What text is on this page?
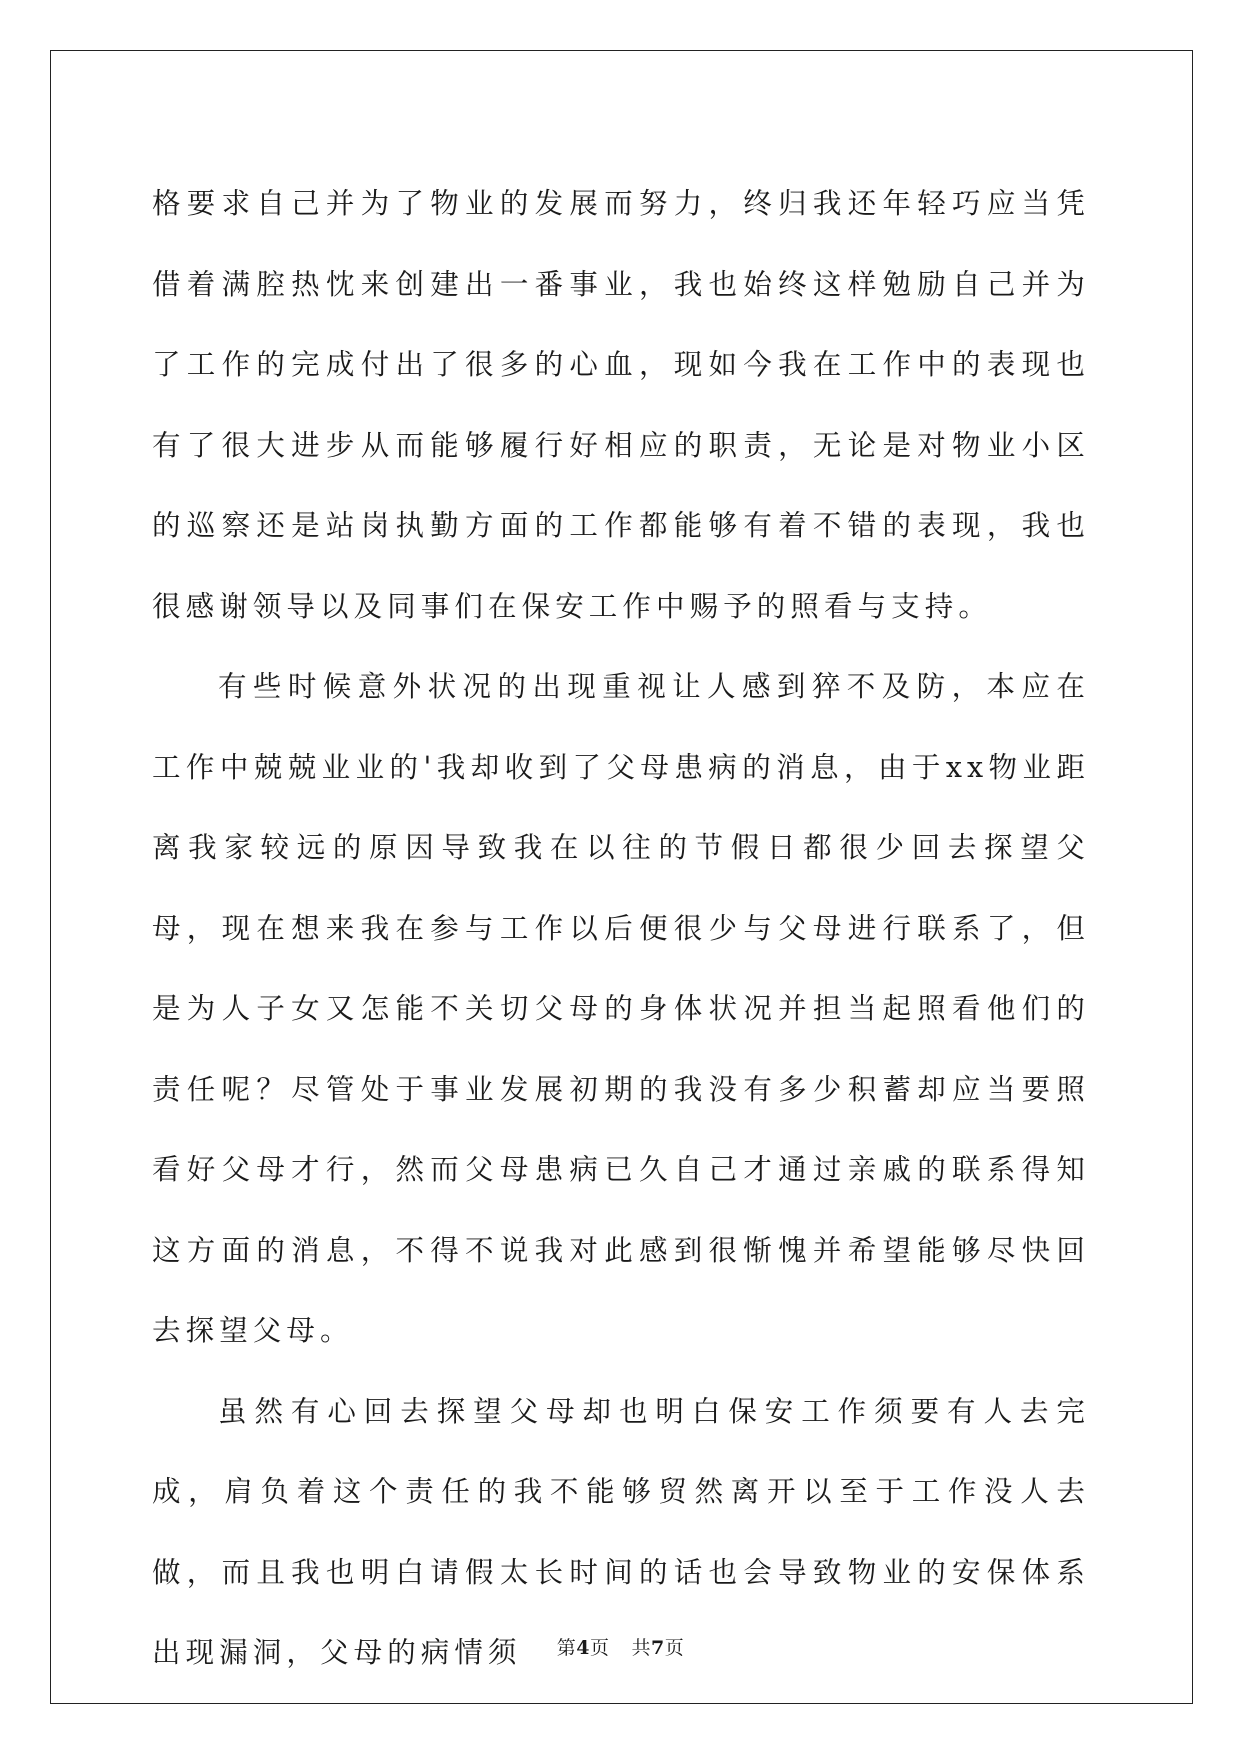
格要求自己并为了物业的发展而努力，终归我还年轻巧应当凭借着满腔热忱来创建出一番事业，我也始终这样勉励自己并为了工作的完成付出了很多的心血，现如今我在工作中的表现也有了很大进步从而能够履行好相应的职责，无论是对物业小区的巡察还是站岗执勤方面的工作都能够有着不错的表现，我也很感谢领导以及同事们在保安工作中赐予的照看与支持。

有些时候意外状况的出现重视让人感到猝不及防，本应在工作中兢兢业业的'我却收到了父母患病的消息，由于xx物业距离我家较远的原因导致我在以往的节假日都很少回去探望父母，现在想来我在参与工作以后便很少与父母进行联系了，但是为人子女又怎能不关切父母的身体状况并担当起照看他们的责任呢？尽管处于事业发展初期的我没有多少积蓄却应当要照看好父母才行，然而父母患病已久自己才通过亲戚的联系得知这方面的消息，不得不说我对此感到很惭愧并希望能够尽快回去探望父母。

虽然有心回去探望父母却也明白保安工作须要有人去完成，肩负着这个责任的我不能够贸然离开以至于工作没人去做，而且我也明白请假太长时间的话也会导致物业的安保体系出现漏洞，父母的病情须	第4页 共7页
